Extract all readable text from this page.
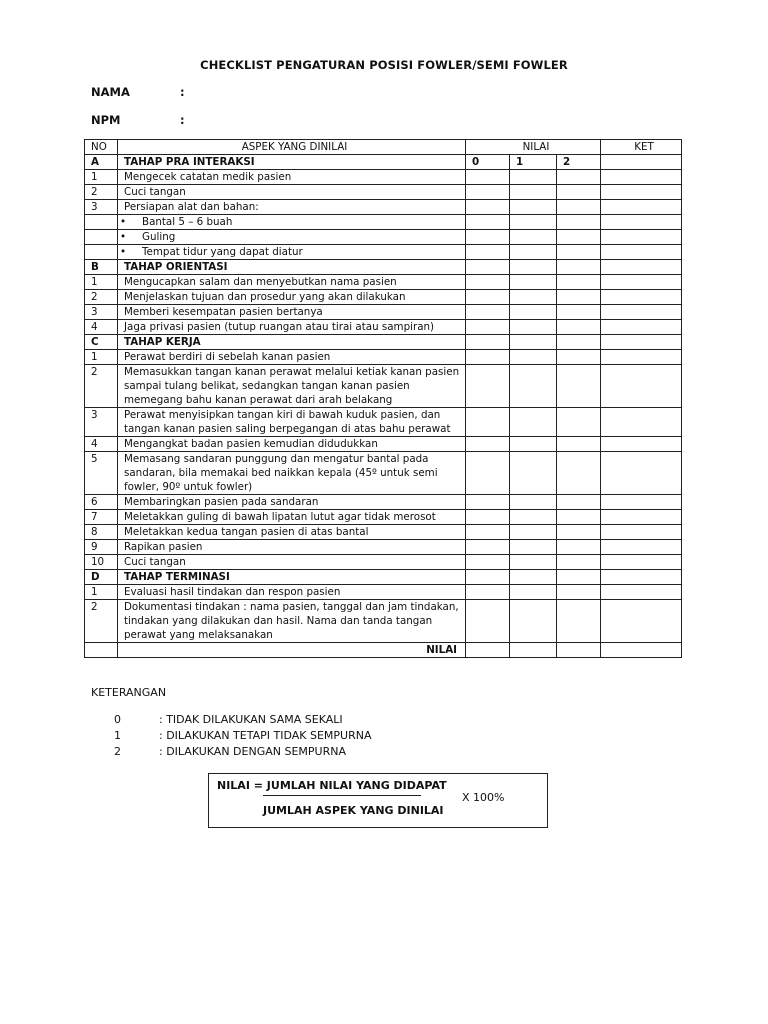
CHECKLIST PENGATURAN POSISI FOWLER/SEMI FOWLER
NAMA	:
NPM	:
NO	ASPEK YANG DINILAI	NILAI			KET
A	TAHAP PRA INTERAKSI	0	1	2	
1	Mengecek catatan medik pasien				
2	Cuci tangan				
3	Persiapan alat dan bahan:				
	• Bantal 5 – 6 buah				
	• Guling				
	• Tempat tidur yang dapat diatur				
B	TAHAP ORIENTASI				
1	Mengucapkan salam dan menyebutkan nama pasien				
2	Menjelaskan tujuan dan prosedur yang akan dilakukan				
3	Memberi kesempatan pasien bertanya				
4	Jaga privasi pasien (tutup ruangan atau tirai atau sampiran)				
C	TAHAP KERJA				
1	Perawat berdiri di sebelah kanan pasien				
2	Memasukkan tangan kanan perawat melalui ketiak kanan pasien sampai tulang belikat, sedangkan tangan kanan pasien memegang bahu kanan perawat dari arah belakang				
3	Perawat menyisipkan tangan kiri di bawah kuduk pasien, dan tangan kanan pasien saling berpegangan di atas bahu perawat				
4	Mengangkat badan pasien kemudian didudukkan				
5	Memasang sandaran punggung dan mengatur bantal pada sandaran, bila memakai bed naikkan kepala (45º untuk semi fowler, 90º untuk fowler)				
6	Membaringkan pasien pada sandaran				
7	Meletakkan guling di bawah lipatan lutut agar tidak merosot				
8	Meletakkan kedua tangan pasien di atas bantal				
9	Rapikan pasien				
10	Cuci tangan				
D	TAHAP TERMINASI				
1	Evaluasi hasil tindakan dan respon pasien				
2	Dokumentasi tindakan : nama pasien, tanggal dan jam tindakan, tindakan yang dilakukan dan hasil. Nama dan tanda tangan perawat yang melaksanakan				
	NILAI				
KETERANGAN
0	: TIDAK DILAKUKAN SAMA SEKALI
1	: DILAKUKAN TETAPI TIDAK SEMPURNA
2	: DILAKUKAN DENGAN SEMPURNA
NILAI = JUMLAH NILAI YANG DIDAPAT
JUMLAH ASPEK YANG DINILAI
X 100%
